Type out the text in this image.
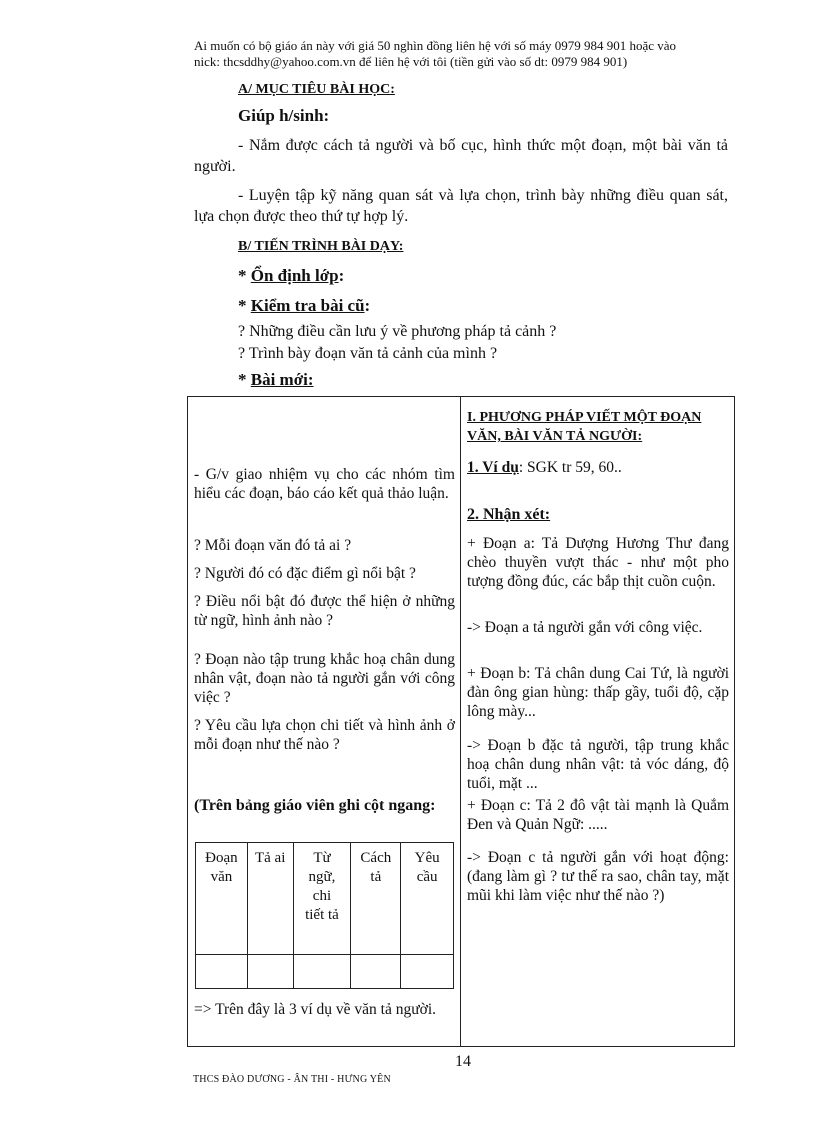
Ai muốn có bộ giáo án này với giá 50 nghìn đồng liên hệ với số máy 0979 984 901 hoặc vào
nick: thcsddhy@yahoo.com.vn để liên hệ với tôi (tiền gửi vào số dt: 0979 984 901)
A/ MỤC TIÊU BÀI HỌC:
Giúp h/sinh:
- Nắm được cách tả người và bố cục, hình thức một đoạn, một bài văn tả người.
- Luyện tập kỹ năng quan sát và lựa chọn, trình bày những điều quan sát, lựa chọn được theo thứ tự hợp lý.
B/ TIẾN TRÌNH BÀI DẠY:
* Ổn định lớp:
* Kiểm tra bài cũ:
? Những điều cần lưu ý về phương pháp tả cảnh ?
? Trình bày đoạn văn tả cảnh của mình ?
* Bài mới:
- G/v giao nhiệm vụ cho các nhóm tìm hiểu các đoạn, báo cáo kết quả thảo luận.
? Mỗi đoạn văn đó tả ai ?
? Người đó có đặc điểm gì nổi bật ?
? Điều nổi bật đó được thể hiện ở những từ ngữ, hình ảnh nào ?
? Đoạn nào tập trung khắc hoạ chân dung nhân vật, đoạn nào tả người gắn với công việc ?
? Yêu cầu lựa chọn chi tiết và hình ảnh ở mỗi đoạn như thế nào ?
(Trên bảng giáo viên ghi cột ngang:
Đoạn văn	Tả ai	Từ ngữ, chi tiết tả	Cách tả	Yêu cầu

=> Trên đây là 3 ví dụ về văn tả người.
I. PHƯƠNG PHÁP VIẾT MỘT ĐOẠN VĂN, BÀI VĂN TẢ NGƯỜI:
1. Ví dụ: SGK tr 59, 60..
2. Nhận xét:
+ Đoạn a: Tả Dượng Hương Thư đang chèo thuyền vượt thác - như một pho tượng đồng đúc, các bắp thịt cuồn cuộn.
-> Đoạn a tả người gắn với công việc.
+ Đoạn b: Tả chân dung Cai Tứ, là người đàn ông gian hùng: thấp gầy, tuổi độ, cặp lông mày...
-> Đoạn b đặc tả người, tập trung khắc hoạ chân dung nhân vật: tả vóc dáng, độ tuổi, mặt ...
+ Đoạn c: Tả 2 đô vật tài mạnh là Quắm Đen và Quản Ngữ: .....
-> Đoạn c tả người gắn với hoạt động: (đang làm gì ? tư thế ra sao, chân tay, mặt mũi khi làm việc như thế nào ?)
14
THCS ĐÀO DƯƠNG - ÂN THI - HƯNG YÊN
